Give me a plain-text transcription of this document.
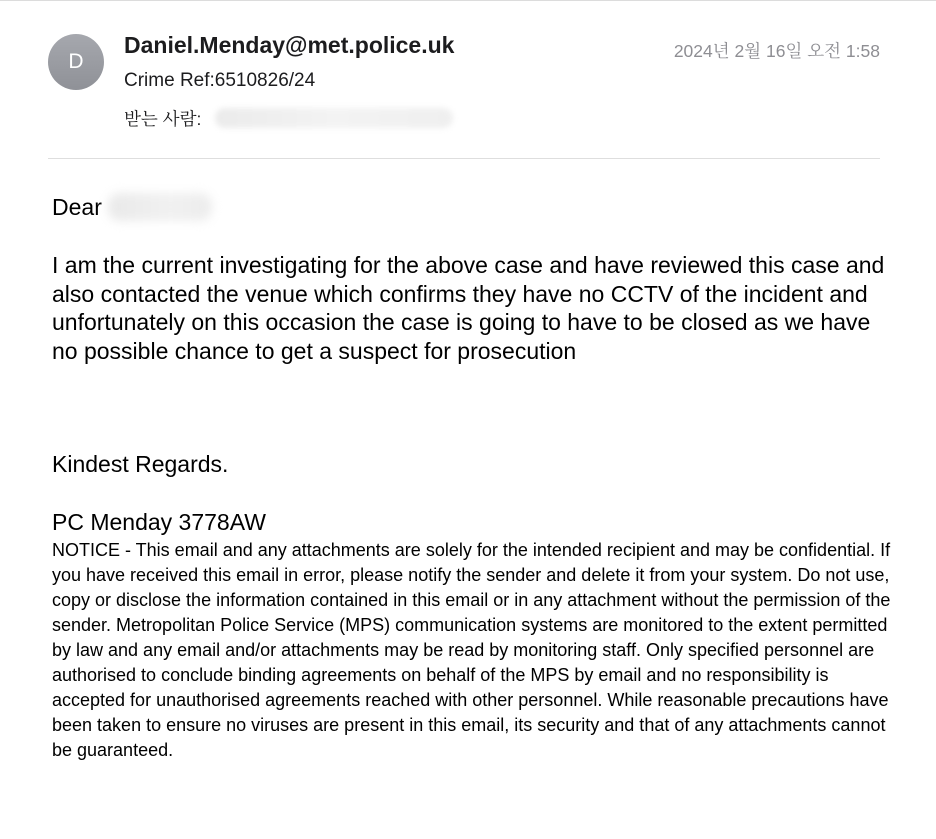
D
Daniel.Menday@met.police.uk	2024년 2월 16일 오전 1:58
Crime Ref:6510826/24
받는 사람:
Dear

I am the current investigating for the above case and have reviewed this case and also contacted the venue which confirms they have no CCTV of the incident and unfortunately on this occasion the case is going to have to be closed as we have no possible chance to get a suspect for prosecution

Kindest Regards.
PC Menday 3778AW

NOTICE - This email and any attachments are solely for the intended recipient and may be confidential. If you have received this email in error, please notify the sender and delete it from your system. Do not use, copy or disclose the information contained in this email or in any attachment without the permission of the sender. Metropolitan Police Service (MPS) communication systems are monitored to the extent permitted by law and any email and/or attachments may be read by monitoring staff. Only specified personnel are authorised to conclude binding agreements on behalf of the MPS by email and no responsibility is accepted for unauthorised agreements reached with other personnel. While reasonable precautions have been taken to ensure no viruses are present in this email, its security and that of any attachments cannot be guaranteed.
